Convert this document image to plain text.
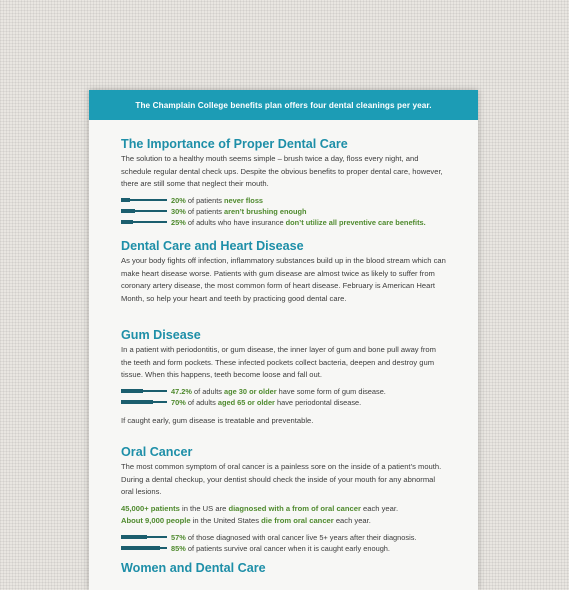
The Champlain College benefits plan offers four dental cleanings per year.
The Importance of Proper Dental Care

The solution to a healthy mouth seems simple – brush twice a day, floss every night, and schedule regular dental check ups. Despite the obvious benefits to proper dental care, however, there are still some that neglect their mouth.

20% of patients never floss
30% of patients aren’t brushing enough
25% of adults who have insurance don’t utilize all preventive care benefits.
Dental Care and Heart Disease

As your body fights off infection, inflammatory substances build up in the blood stream which can make heart disease worse. Patients with gum disease are almost twice as likely to suffer from coronary artery disease, the most common form of heart disease. February is American Heart Month, so help your heart and teeth by practicing good dental care.

Gum Disease

In a patient with periodontitis, or gum disease, the inner layer of gum and bone pull away from the teeth and form pockets. These infected pockets collect bacteria, deepen and destroy gum tissue. When this happens, teeth become loose and fall out.

47.2% of adults age 30 or older have some form of gum disease.
70% of adults aged 65 or older have periodontal disease.

If caught early, gum disease is treatable and preventable.

Oral Cancer

The most common symptom of oral cancer is a painless sore on the inside of a patient’s mouth. During a dental checkup, your dentist should check the inside of your mouth for any abnormal oral lesions.

45,000+ patients in the US are diagnosed with a from of oral cancer each year.

About 9,000 people in the United States die from oral cancer each year.

57% of those diagnosed with oral cancer live 5+ years after their diagnosis.
85% of patients survive oral cancer when it is caught early enough.
Women and Dental Care
